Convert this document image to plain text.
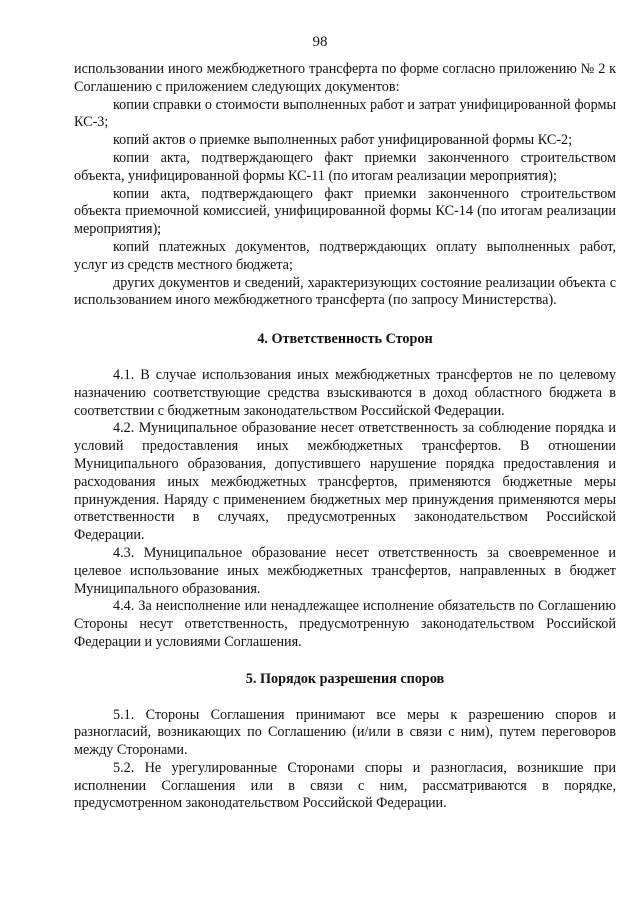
98

использовании иного межбюджетного трансферта по форме согласно приложению № 2 к Соглашению с приложением следующих документов:

копии справки о стоимости выполненных работ и затрат унифицированной формы КС-3;

копий актов о приемке выполненных работ унифицированной формы КС-2;

копии акта, подтверждающего факт приемки законченного строительством объекта, унифицированной формы КС-11 (по итогам реализации мероприятия);

копии акта, подтверждающего факт приемки законченного строительством объекта приемочной комиссией, унифицированной формы КС-14 (по итогам реализации мероприятия);

копий платежных документов, подтверждающих оплату выполненных работ, услуг из средств местного бюджета;

других документов и сведений, характеризующих состояние реализации объекта с использованием иного межбюджетного трансферта (по запросу Министерства).

4. Ответственность Сторон

4.1. В случае использования иных межбюджетных трансфертов не по целевому назначению соответствующие средства взыскиваются в доход областного бюджета в соответствии с бюджетным законодательством Российской Федерации.

4.2. Муниципальное образование несет ответственность за соблюдение порядка и условий предоставления иных межбюджетных трансфертов. В отношении Муниципального образования, допустившего нарушение порядка предоставления и расходования иных межбюджетных трансфертов, применяются бюджетные меры принуждения. Наряду с применением бюджетных мер принуждения применяются меры ответственности в случаях, предусмотренных законодательством Российской Федерации.

4.3. Муниципальное образование несет ответственность за своевременное и целевое использование иных межбюджетных трансфертов, направленных в бюджет Муниципального образования.

4.4. За неисполнение или ненадлежащее исполнение обязательств по Соглашению Стороны несут ответственность, предусмотренную законодательством Российской Федерации и условиями Соглашения.

5. Порядок разрешения споров

5.1. Стороны Соглашения принимают все меры к разрешению споров и разногласий, возникающих по Соглашению (и/или в связи с ним), путем переговоров между Сторонами.

5.2. Не урегулированные Сторонами споры и разногласия, возникшие при исполнении Соглашения или в связи с ним, рассматриваются в порядке, предусмотренном законодательством Российской Федерации.
